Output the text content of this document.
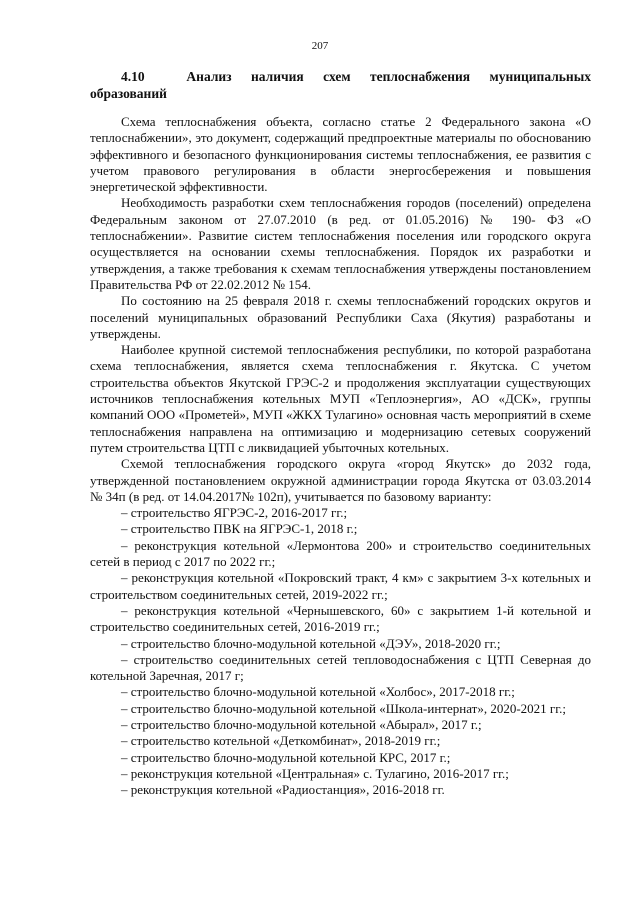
207
4.10	Анализ наличия схем теплоснабжения муниципальных образований

Схема теплоснабжения объекта, согласно статье 2 Федерального закона «О теплоснабжении», это документ, содержащий предпроектные материалы по обоснованию эффективного и безопасного функционирования системы теплоснабжения, ее развития с учетом правового регулирования в области энергосбережения и повышения энергетической эффективности.

Необходимость разработки схем теплоснабжения городов (поселений) определена Федеральным законом от 27.07.2010 (в ред. от 01.05.2016) № 190- ФЗ «О теплоснабжении». Развитие систем теплоснабжения поселения или городского округа осуществляется на основании схемы теплоснабжения. Порядок их разработки и утверждения, а также требования к схемам теплоснабжения утверждены постановлением Правительства РФ от 22.02.2012 № 154.

По состоянию на 25 февраля 2018 г. схемы теплоснабжений городских округов и поселений муниципальных образований Республики Саха (Якутия) разработаны и утверждены.

Наиболее крупной системой теплоснабжения республики, по которой разработана схема теплоснабжения, является схема теплоснабжения г. Якутска. С учетом строительства объектов Якутской ГРЭС-2 и продолжения эксплуатации существующих источников теплоснабжения котельных МУП «Теплоэнергия», АО «ДСК», группы компаний ООО «Прометей», МУП «ЖКХ Тулагино» основная часть мероприятий в схеме теплоснабжения направлена на оптимизацию и модернизацию сетевых сооружений путем строительства ЦТП с ликвидацией убыточных котельных.

Схемой теплоснабжения городского округа «город Якутск» до 2032 года, утвержденной постановлением окружной администрации города Якутска от 03.03.2014 № 34п (в ред. от 14.04.2017№ 102п), учитывается по базовому варианту:

– строительство ЯГРЭС-2, 2016-2017 гг.;

– строительство ПВК на ЯГРЭС-1, 2018 г.;

– реконструкция котельной «Лермонтова 200» и строительство соединительных сетей в период с 2017 по 2022 гг.;

– реконструкция котельной «Покровский тракт, 4 км» с закрытием 3-х котельных и строительством соединительных сетей, 2019-2022 гг.;

– реконструкция котельной «Чернышевского, 60» с закрытием 1-й котельной и строительство соединительных сетей, 2016-2019 гг.;

– строительство блочно-модульной котельной «ДЭУ», 2018-2020 гг.;

– строительство соединительных сетей тепловодоснабжения с ЦТП Северная до котельной Заречная, 2017 г;

– строительство блочно-модульной котельной «Холбос», 2017-2018 гг.;

– строительство блочно-модульной котельной «Школа-интернат», 2020-2021 гг.;

– строительство блочно-модульной котельной «Абырал», 2017 г.;

– строительство котельной «Деткомбинат», 2018-2019 гг.;

– строительство блочно-модульной котельной КРС, 2017 г.;

– реконструкция котельной «Центральная» с. Тулагино, 2016-2017 гг.;

– реконструкция котельной «Радиостанция», 2016-2018 гг.
